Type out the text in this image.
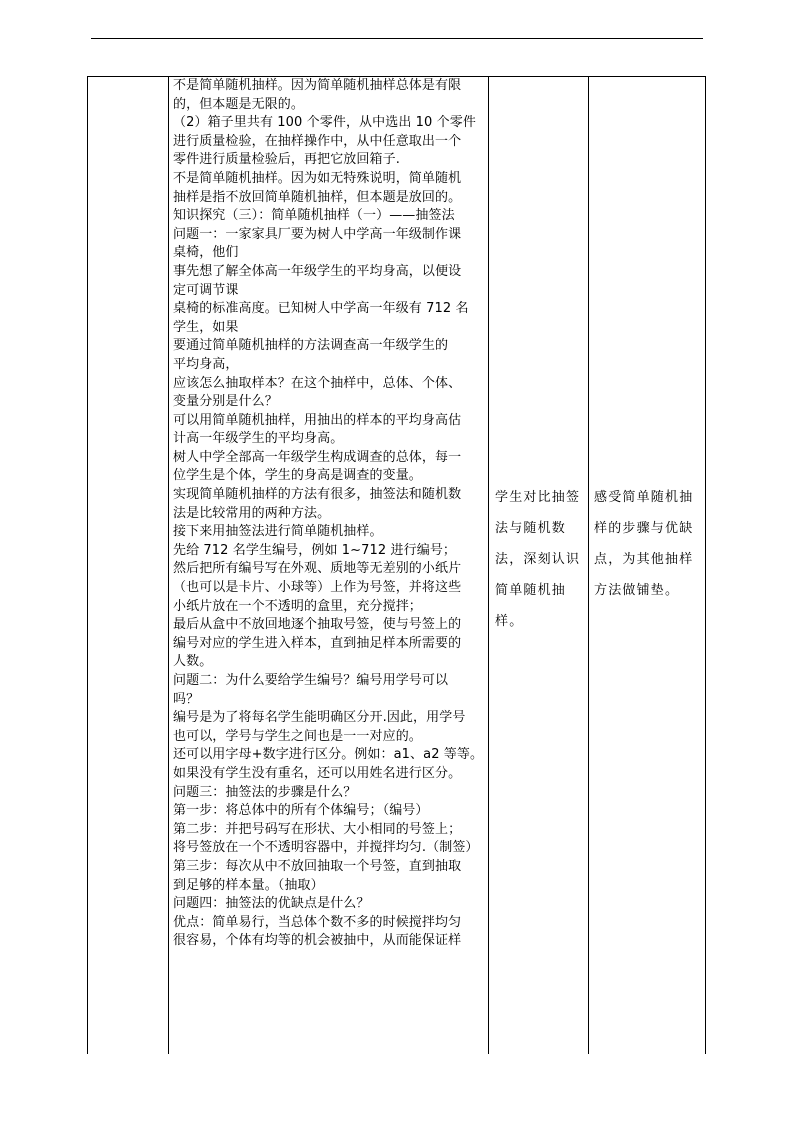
不是简单随机抽样。因为简单随机抽样总体是有限
的，但本题是无限的。
（2）箱子里共有 100 个零件，从中选出 10 个零件
进行质量检验，在抽样操作中，从中任意取出一个
零件进行质量检验后，再把它放回箱子.
不是简单随机抽样。因为如无特殊说明，简单随机
抽样是指不放回简单随机抽样，但本题是放回的。
知识探究（三）：简单随机抽样（一）——抽签法
问题一：一家家具厂要为树人中学高一年级制作课
桌椅，他们
事先想了解全体高一年级学生的平均身高，以便设
定可调节课
桌椅的标准高度。已知树人中学高一年级有 712 名
学生，如果
要通过简单随机抽样的方法调查高一年级学生的
平均身高，
应该怎么抽取样本？在这个抽样中，总体、个体、
变量分别是什么？
可以用简单随机抽样，用抽出的样本的平均身高估
计高一年级学生的平均身高。
树人中学全部高一年级学生构成调查的总体，每一
位学生是个体，学生的身高是调查的变量。
实现简单随机抽样的方法有很多，抽签法和随机数
法是比较常用的两种方法。
接下来用抽签法进行简单随机抽样。
先给 712 名学生编号，例如 1~712 进行编号；
然后把所有编号写在外观、质地等无差别的小纸片
（也可以是卡片、小球等）上作为号签，并将这些
小纸片放在一个不透明的盒里，充分搅拌；
最后从盒中不放回地逐个抽取号签，使与号签上的
编号对应的学生进入样本，直到抽足样本所需要的
人数。
问题二：为什么要给学生编号？编号用学号可以
吗？
编号是为了将每名学生能明确区分开.因此，用学号
也可以，学号与学生之间也是一一对应的。
还可以用字母+数字进行区分。例如：a1、a2 等等。
如果没有学生没有重名，还可以用姓名进行区分。
问题三：抽签法的步骤是什么？
第一步：将总体中的所有个体编号；（编号）
第二步：并把号码写在形状、大小相同的号签上；
将号签放在一个不透明容器中，并搅拌均匀.（制签）
第三步：每次从中不放回抽取一个号签，直到抽取
到足够的样本量。（抽取）
问题四：抽签法的优缺点是什么？
优点：简单易行，当总体个数不多的时候搅拌均匀
很容易，个体有均等的机会被抽中，从而能保证样
学生对比抽签
法与随机数
法，深刻认识
简单随机抽
样。
感受简单随机抽
样的步骤与优缺
点，为其他抽样
方法做铺垫。
